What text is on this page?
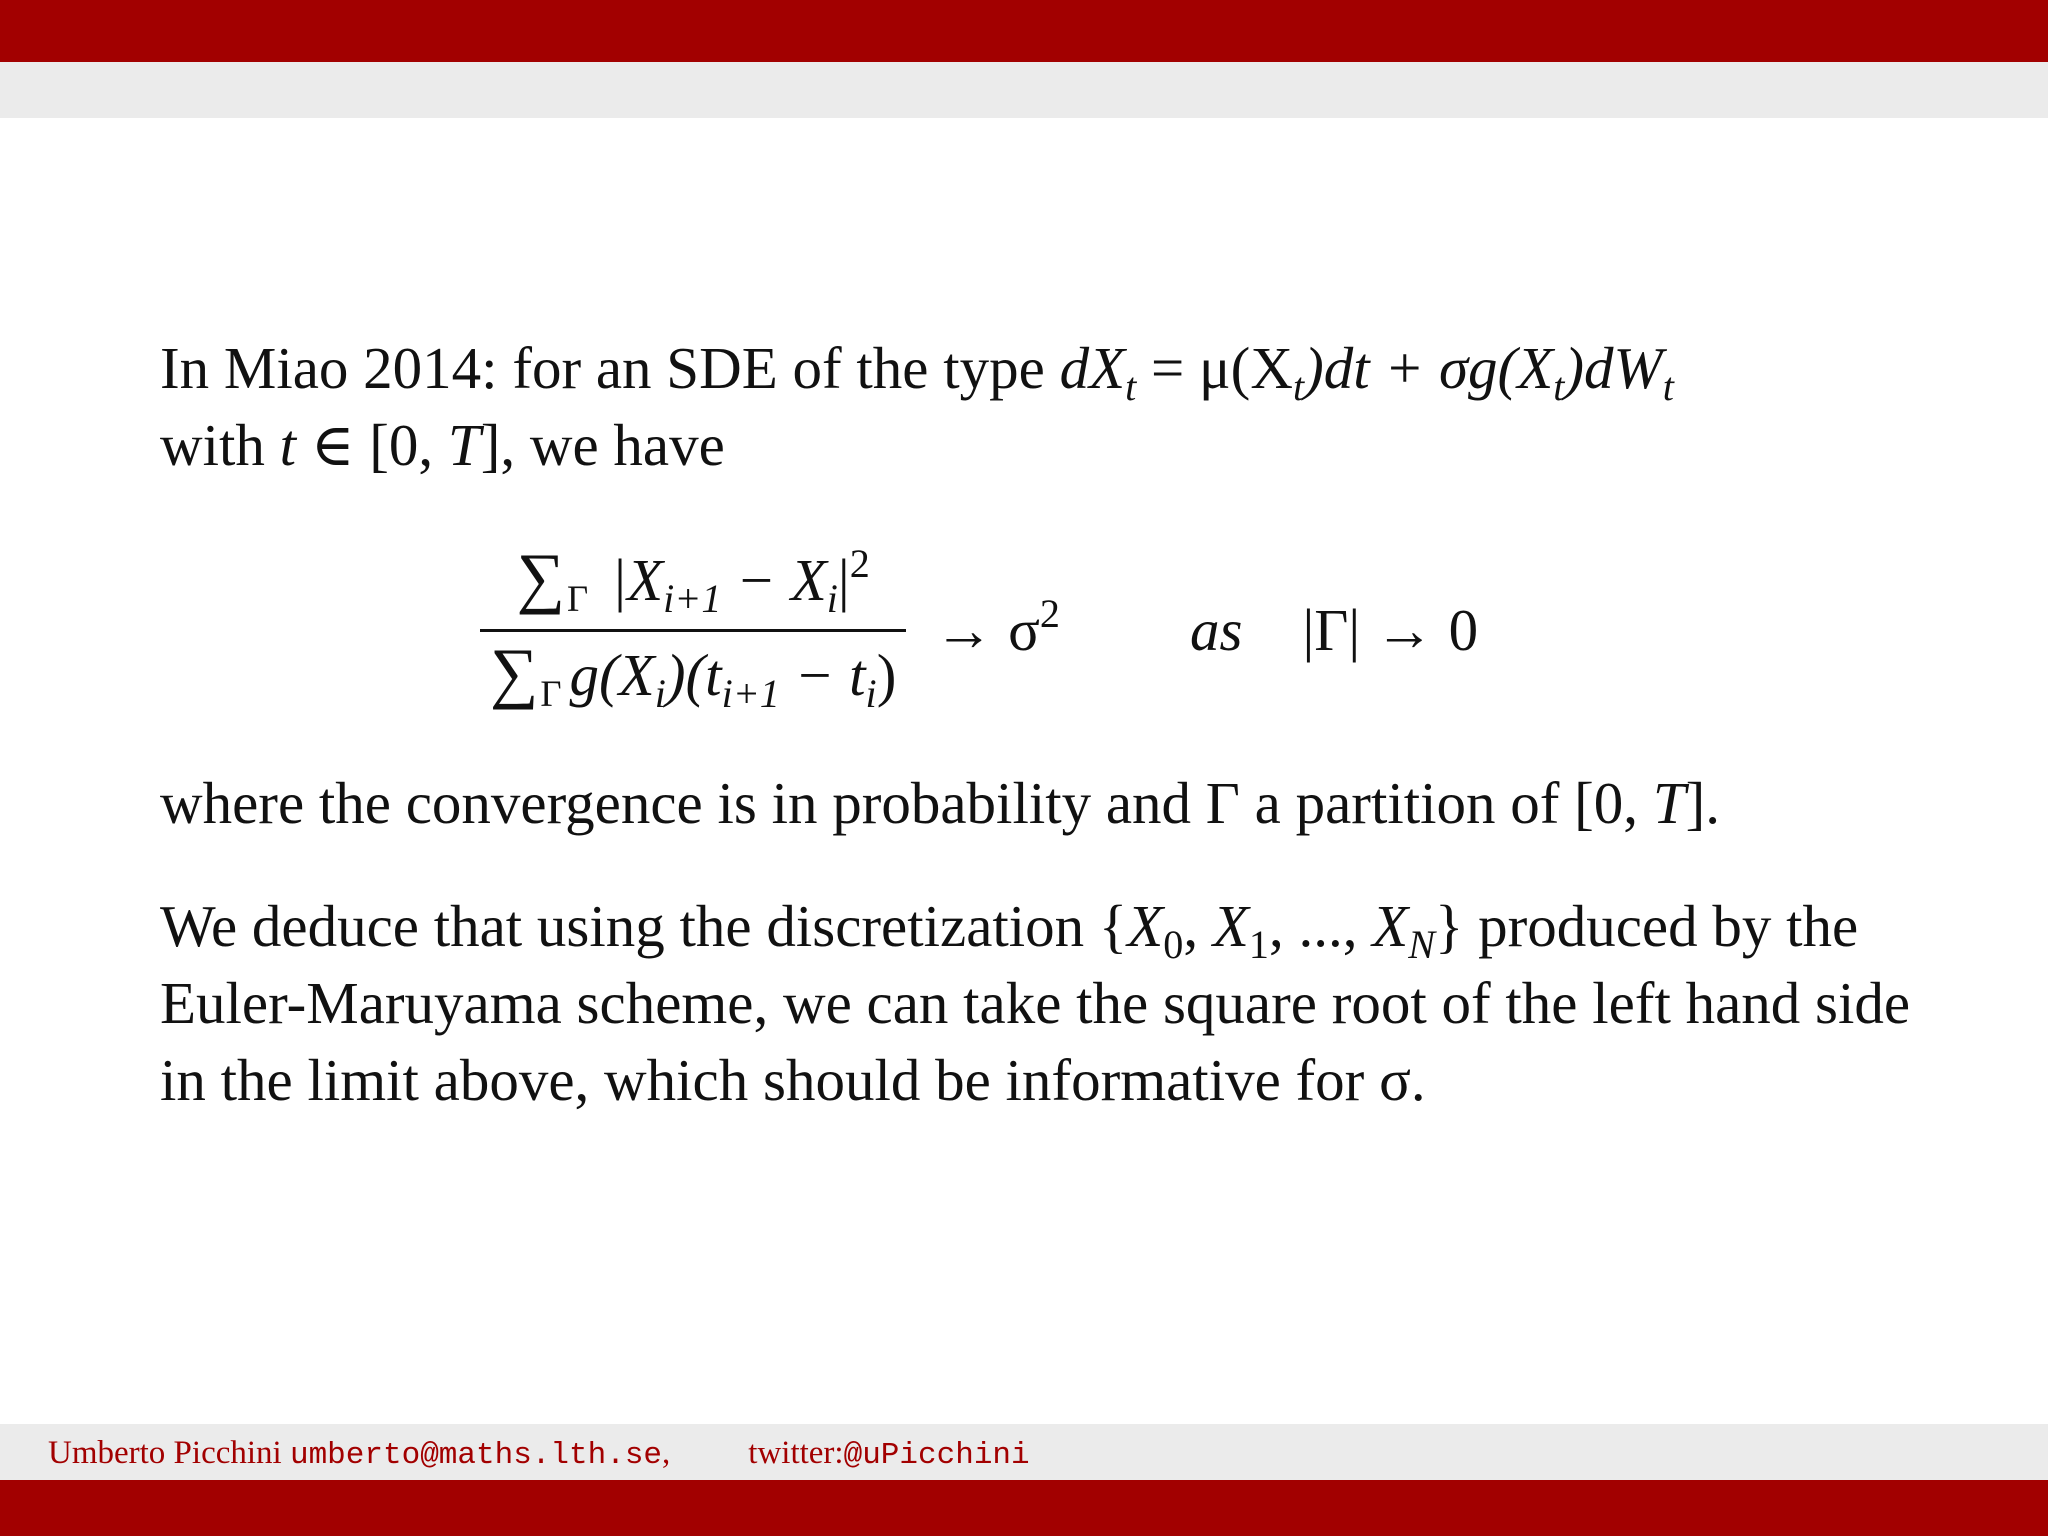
In Miao 2014: for an SDE of the type $dX_t = \mu(X_t)dt + \sigma g(X_t)dW_t$

with t ∈ [0, T], we have

$\frac{\sum\Gamma |X_{i+1} - X_i|^2}{\sum\Gamma g(X_i)(t_{i+1} - t_i)} \to \sigma^2$ as |Γ| → 0
where the convergence is in probability and Γ a partition of [0, T].
We deduce that using the discretization {$X_0$, $X_1$, ..., $X_N$} produced by the Euler-Maruyama scheme, we can take the square root of the left hand side in the limit above, which should be informative for σ.
Umberto Picchini umberto@maths.lth.se, twitter:@uPicchini
